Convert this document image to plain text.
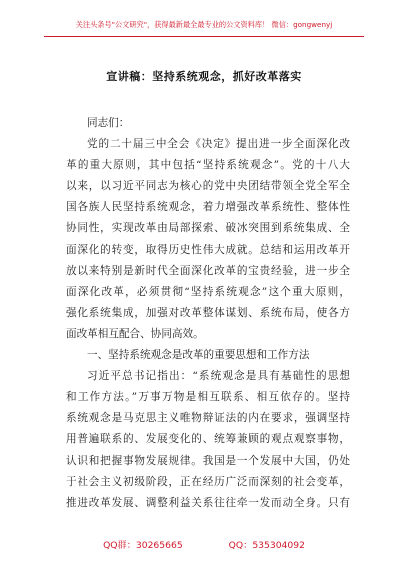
关注头条号"公文研究"，获得最新最全最专业的公文资料库！ 微信：gongwenyj
宣讲稿：坚持系统观念，抓好改革落实
同志们：
党的二十届三中全会《决定》提出进一步全面深化改
革的重大原则，其中包括“坚持系统观念”。党的十八大
以来，以习近平同志为核心的党中央团结带领全党全军全
国各族人民坚持系统观念，着力增强改革系统性、整体性
协同性，实现改革由局部探索、破冰突围到系统集成、全
面深化的转变，取得历史性伟大成就。总结和运用改革开
放以来特别是新时代全面深化改革的宝贵经验，进一步全
面深化改革，必须贯彻“坚持系统观念”这个重大原则，
强化系统集成，加强对改革整体谋划、系统布局，使各方
面改革相互配合、协同高效。
一、坚持系统观念是改革的重要思想和工作方法
习近平总书记指出：“系统观念是具有基础性的思想
和工作方法。”万事万物是相互联系、相互依存的。坚持
系统观念是马克思主义唯物辩证法的内在要求，强调坚持
用普遍联系的、发展变化的、统筹兼顾的观点观察事物，
认识和把握事物发展规律。我国是一个发展中大国，仍处
于社会主义初级阶段，正在经历广泛而深刻的社会变革，
推进改革发展、调整利益关系往往牵一发而动全身。只有
QQ群：30265665	QQ：535304092
